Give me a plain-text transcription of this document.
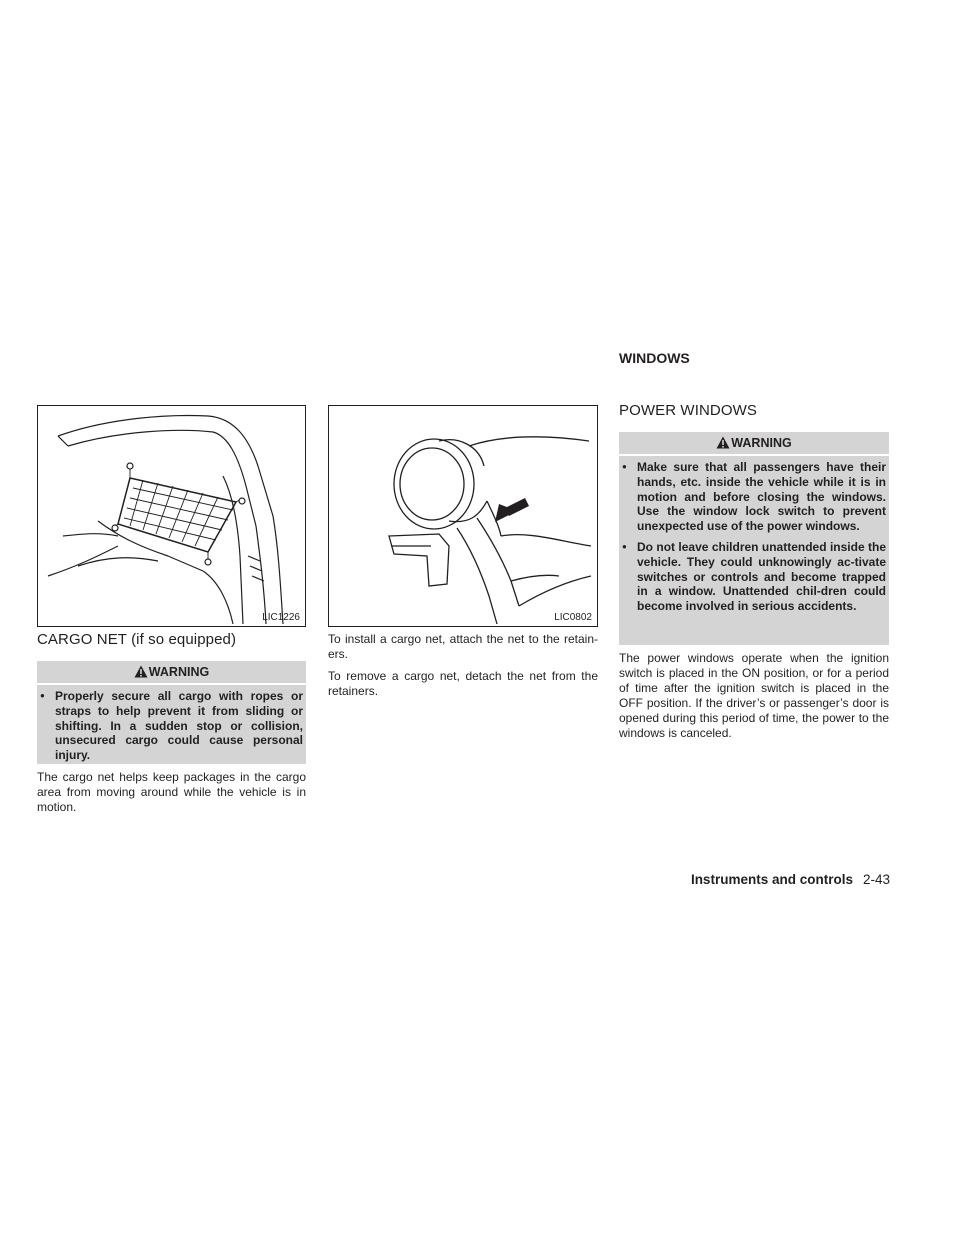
LIC1226
CARGO NET (if so equipped)
WARNING
● Properly secure all cargo with ropes or straps to help prevent it from sliding or shifting. In a sudden stop or collision, unsecured cargo could cause personal injury.

The cargo net helps keep packages in the cargo area from moving around while the vehicle is in motion.

LIC0802

To install a cargo net, attach the net to the retain-ers.

To remove a cargo net, detach the net from the retainers.

WINDOWS
POWER WINDOWS
WARNING
● Make sure that all passengers have their hands, etc. inside the vehicle while it is in motion and before closing the windows. Use the window lock switch to prevent unexpected use of the power windows.
● Do not leave children unattended inside the vehicle. They could unknowingly ac-tivate switches or controls and become trapped in a window. Unattended chil-dren could become involved in serious accidents.

The power windows operate when the ignition switch is placed in the ON position, or for a period of time after the ignition switch is placed in the OFF position. If the driver’s or passenger’s door is opened during this period of time, the power to the windows is canceled.

Instruments and controls 2-43
